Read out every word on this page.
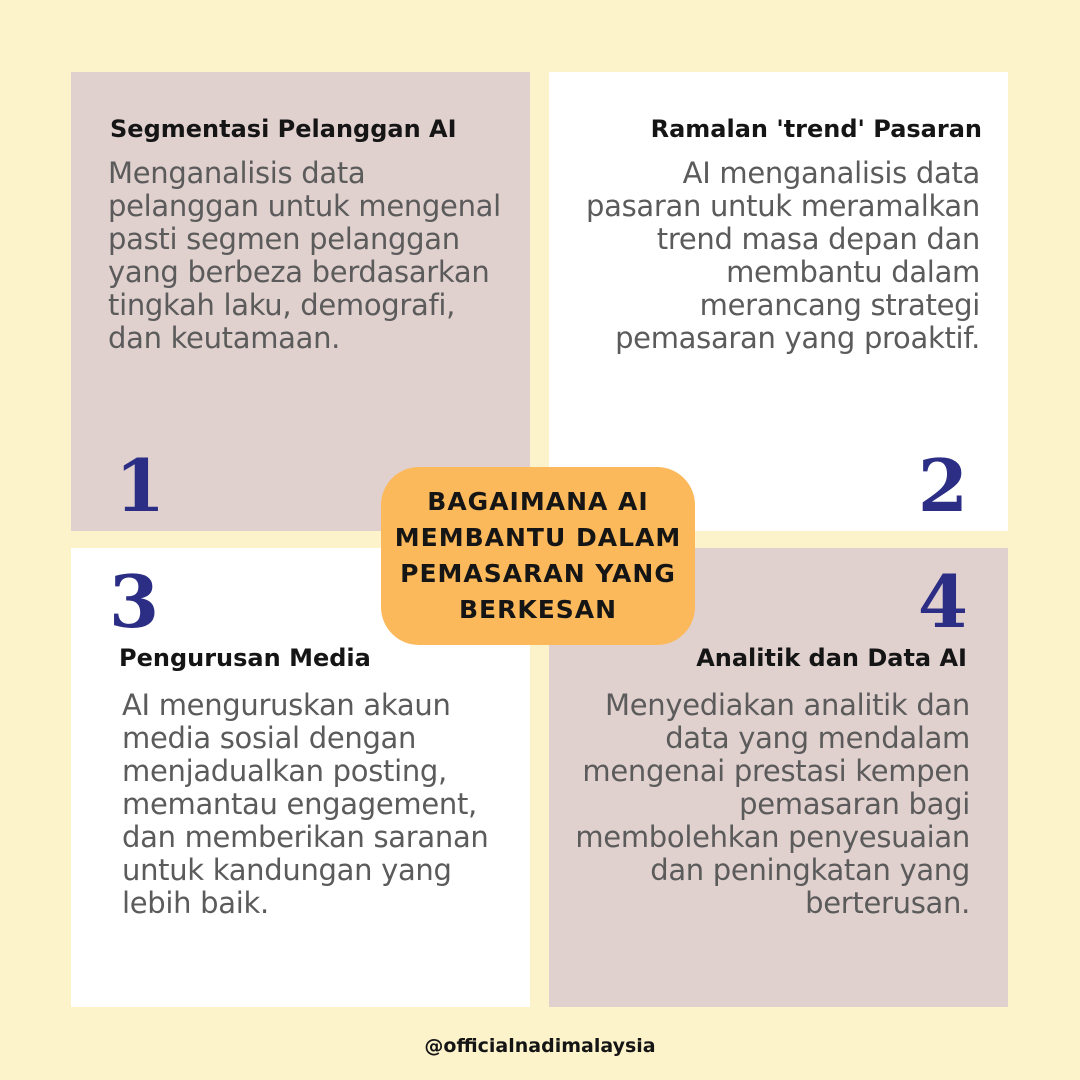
Segmentasi Pelanggan AI

Menganalisis data pelanggan untuk mengenal pasti segmen pelanggan yang berbeza berdasarkan tingkah laku, demografi, dan keutamaan.

1
Ramalan 'trend' Pasaran

AI menganalisis data pasaran untuk meramalkan trend masa depan dan membantu dalam merancang strategi pemasaran yang proaktif.

2
3
Pengurusan Media

AI menguruskan akaun media sosial dengan menjadualkan posting, memantau engagement, dan memberikan saranan untuk kandungan yang lebih baik.

4
Analitik dan Data AI

Menyediakan analitik dan data yang mendalam mengenai prestasi kempen pemasaran bagi membolehkan penyesuaian dan peningkatan yang berterusan.

BAGAIMANA AI MEMBANTU DALAM PEMASARAN YANG BERKESAN
@officialnadimalaysia
